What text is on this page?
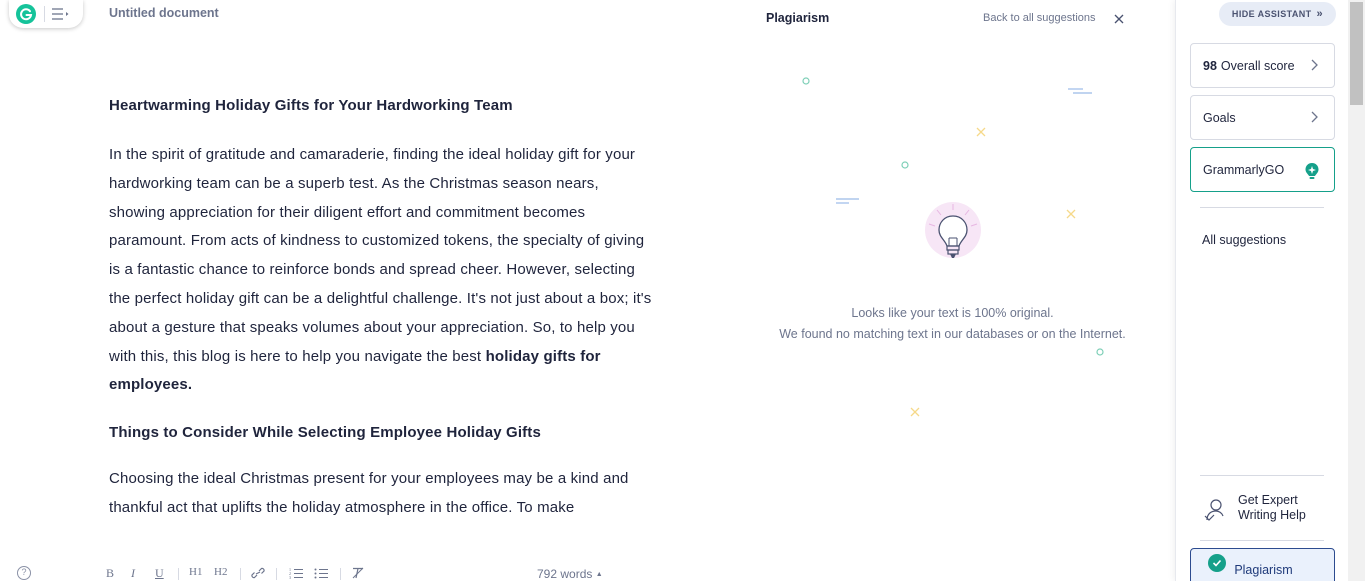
Untitled document
Heartwarming Holiday Gifts for Your Hardworking Team

In the spirit of gratitude and camaraderie, finding the ideal holiday gift for your hardworking team can be a superb test. As the Christmas season nears, showing appreciation for their diligent effort and commitment becomes paramount. From acts of kindness to customized tokens, the specialty of giving is a fantastic chance to reinforce bonds and spread cheer. However, selecting the perfect holiday gift can be a delightful challenge. It's not just about a box; it's about a gesture that speaks volumes about your appreciation. So, to help you with this, this blog is here to help you navigate the best holiday gifts for employees.

Things to Consider While Selecting Employee Holiday Gifts

Choosing the ideal Christmas present for your employees may be a kind and thankful act that uplifts the holiday atmosphere in the office. To make

?	B I U H1 H2	1
2
3	792 words ▲
Plagiarism	Back to all suggestions
Looks like your text is 100% original.
We found no matching text in our databases or on the Internet.
HIDE ASSISTANT »
98 Overall score
Goals
GrammarlyGO
All suggestions
Get Expert
Writing Help
Plagiarism
